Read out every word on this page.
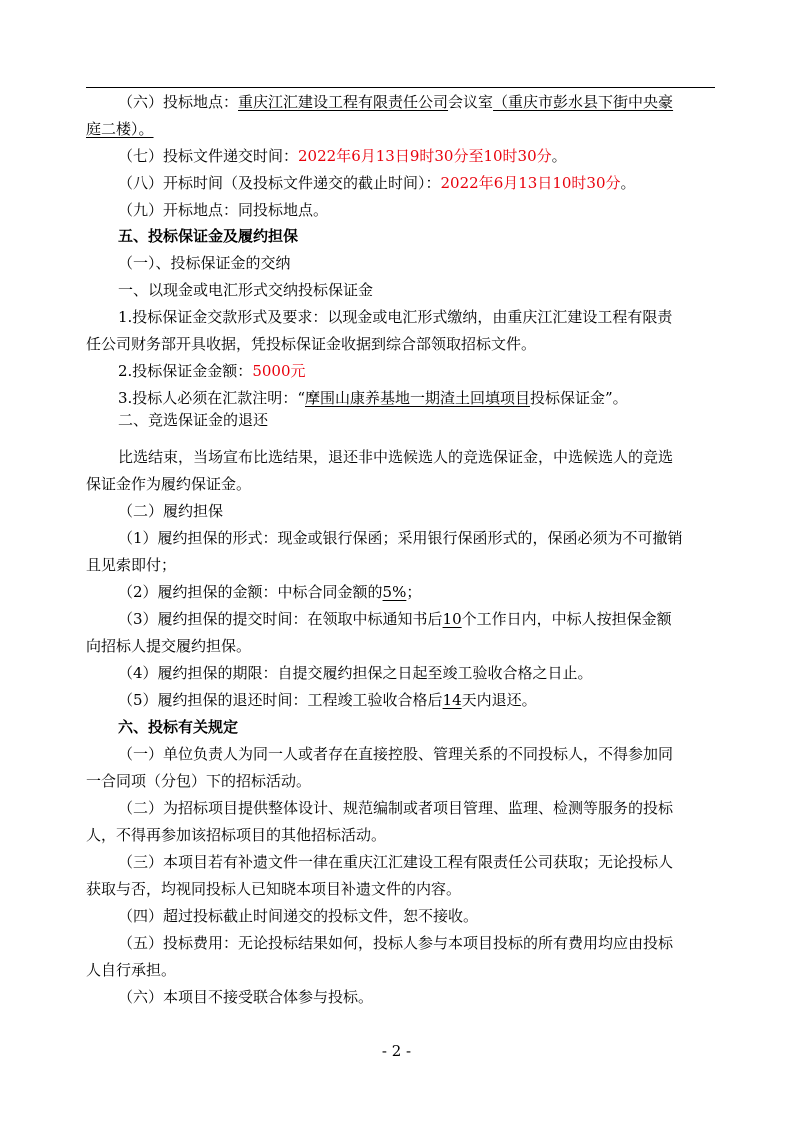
（六）投标地点：重庆江汇建设工程有限责任公司会议室（重庆市彭水县下街中央豪
庭二楼）。
（七）投标文件递交时间：2022年6月13日9时30分至10时30分。
（八）开标时间（及投标文件递交的截止时间）：2022年6月13日10时30分。
（九）开标地点：同投标地点。
五、投标保证金及履约担保
（一）、投标保证金的交纳
一、以现金或电汇形式交纳投标保证金
1.投标保证金交款形式及要求：以现金或电汇形式缴纳，由重庆江汇建设工程有限责
任公司财务部开具收据，凭投标保证金收据到综合部领取招标文件。
2.投标保证金金额：5000元
3.投标人必须在汇款注明：“摩围山康养基地一期渣土回填项目投标保证金”。
二、竞选保证金的退还
比选结束，当场宣布比选结果，退还非中选候选人的竞选保证金，中选候选人的竞选
保证金作为履约保证金。
（二）履约担保
（1）履约担保的形式：现金或银行保函；采用银行保函形式的，保函必须为不可撤销
且见索即付；
（2）履约担保的金额：中标合同金额的5%；
（3）履约担保的提交时间：在领取中标通知书后10个工作日内，中标人按担保金额
向招标人提交履约担保。
（4）履约担保的期限：自提交履约担保之日起至竣工验收合格之日止。
（5）履约担保的退还时间：工程竣工验收合格后14天内退还。
六、投标有关规定
（一）单位负责人为同一人或者存在直接控股、管理关系的不同投标人，不得参加同
一合同项（分包）下的招标活动。
（二）为招标项目提供整体设计、规范编制或者项目管理、监理、检测等服务的投标
人，不得再参加该招标项目的其他招标活动。
（三）本项目若有补遗文件一律在重庆江汇建设工程有限责任公司获取；无论投标人
获取与否，均视同投标人已知晓本项目补遗文件的内容。
（四）超过投标截止时间递交的投标文件，恕不接收。
（五）投标费用：无论投标结果如何，投标人参与本项目投标的所有费用均应由投标
人自行承担。
（六）本项目不接受联合体参与投标。
- 2 -
